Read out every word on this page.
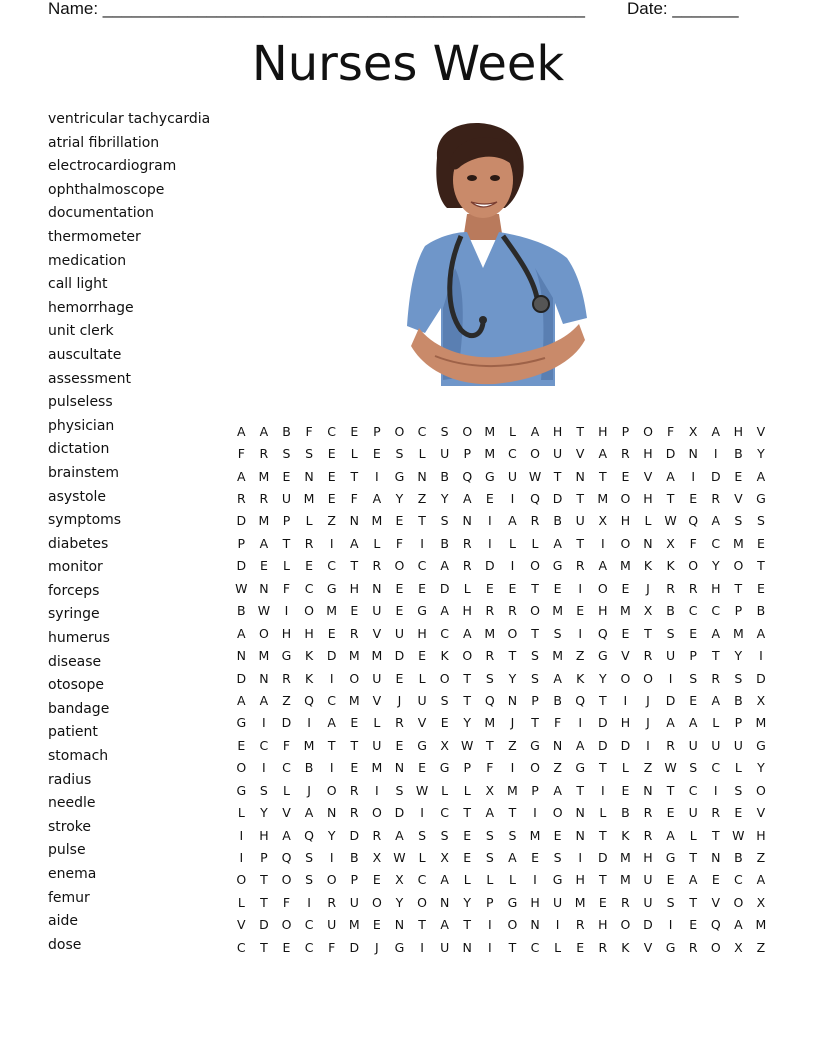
Name: ___________________________________________________ Date: _______
Nurses Week
ventricular tachycardia
atrial fibrillation
electrocardiogram
ophthalmoscope
documentation
thermometer
medication
call light
hemorrhage
unit clerk
auscultate
assessment
pulseless
physician
dictation
brainstem
asystole
symptoms
diabetes
monitor
forceps
syringe
humerus
disease
otosope
bandage
patient
stomach
radius
needle
stroke
pulse
enema
femur
aide
dose
A	A	B	F	C	E	P	O	C	S	O	M	L	A	H	T	H	P	O	F	X	A	H	V
F	R	S	S	E	L	E	S	L	U	P	M	C	O	U	V	A	R	H	D	N	I	B	Y
A	M	E	N	E	T	I	G	N	B	Q	G	U	W	T	N	T	E	V	A	I	D	E	A
R	R	U	M	E	F	A	Y	Z	Y	A	E	I	Q	D	T	M	O	H	T	E	R	V	G
D	M	P	L	Z	N	M	E	T	S	N	I	A	R	B	U	X	H	L	W	Q	A	S	S
P	A	T	R	I	A	L	F	I	B	R	I	L	L	A	T	I	O	N	X	F	C	M	E
D	E	L	E	C	T	R	O	C	A	R	D	I	O	G	R	A	M	K	K	O	Y	O	T
W	N	F	C	G	H	N	E	E	D	L	E	E	T	E	I	O	E	J	R	R	H	T	E
B	W	I	O	M	E	U	E	G	A	H	R	R	O	M	E	H	M	X	B	C	C	P	B
A	O	H	H	E	R	V	U	H	C	A	M	O	T	S	I	Q	E	T	S	E	A	M	A
N	M	G	K	D	M	M	D	E	K	O	R	T	S	M	Z	G	V	R	U	P	T	Y	I
D	N	R	K	I	O	U	E	L	O	T	S	Y	S	A	K	Y	O	O	I	S	R	S	D
A	A	Z	Q	C	M	V	J	U	S	T	Q	N	P	B	Q	T	I	J	D	E	A	B	X
G	I	D	I	A	E	L	R	V	E	Y	M	J	T	F	I	D	H	J	A	A	L	P	M
E	C	F	M	T	T	U	E	G	X	W	T	Z	G	N	A	D	D	I	R	U	U	U	G
O	I	C	B	I	E	M	N	E	G	P	F	I	O	Z	G	T	L	Z	W	S	C	L	Y
G	S	L	J	O	R	I	S	W	L	L	X	M	P	A	T	I	E	N	T	C	I	S	O
L	Y	V	A	N	R	O	D	I	C	T	A	T	I	O	N	L	B	R	E	U	R	E	V
I	H	A	Q	Y	D	R	A	S	S	E	S	S	M	E	N	T	K	R	A	L	T	W	H
I	P	Q	S	I	B	X	W	L	X	E	S	A	E	S	I	D	M	H	G	T	N	B	Z
O	T	O	S	O	P	E	X	C	A	L	L	L	I	G	H	T	M	U	E	A	E	C	A
L	T	F	I	R	U	O	Y	O	N	Y	P	G	H	U	M	E	R	U	S	T	V	O	X
V	D	O	C	U	M	E	N	T	A	T	I	O	N	I	R	H	O	D	I	E	Q	A	M
C	T	E	C	F	D	J	G	I	U	N	I	T	C	L	E	R	K	V	G	R	O	X	Z
